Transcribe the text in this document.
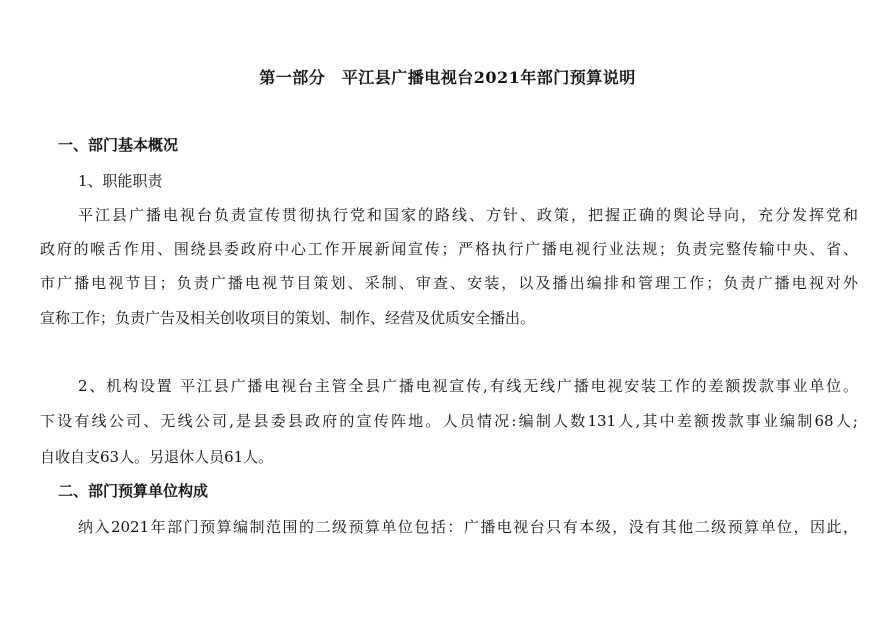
第一部分　平江县广播电视台2021年部门预算说明
一、部门基本概况
1、职能职责
平江县广播电视台负责宣传贯彻执行党和国家的路线、方针、政策，把握正确的舆论导向，充分发挥党和
政府的喉舌作用、围绕县委政府中心工作开展新闻宣传；严格执行广播电视行业法规；负责完整传输中央、省、
市广播电视节目；负责广播电视节目策划、采制、审查、安装，以及播出编排和管理工作；负责广播电视对外
宣称工作；负责广告及相关创收项目的策划、制作、经营及优质安全播出。
2、机构设置 平江县广播电视台主管全县广播电视宣传,有线无线广播电视安装工作的差额拨款事业单位。
下设有线公司、无线公司,是县委县政府的宣传阵地。人员情况:编制人数131人,其中差额拨款事业编制68人;
自收自支63人。另退休人员61人。
二、部门预算单位构成
纳入2021年部门预算编制范围的二级预算单位包括：广播电视台只有本级，没有其他二级预算单位，因此，
